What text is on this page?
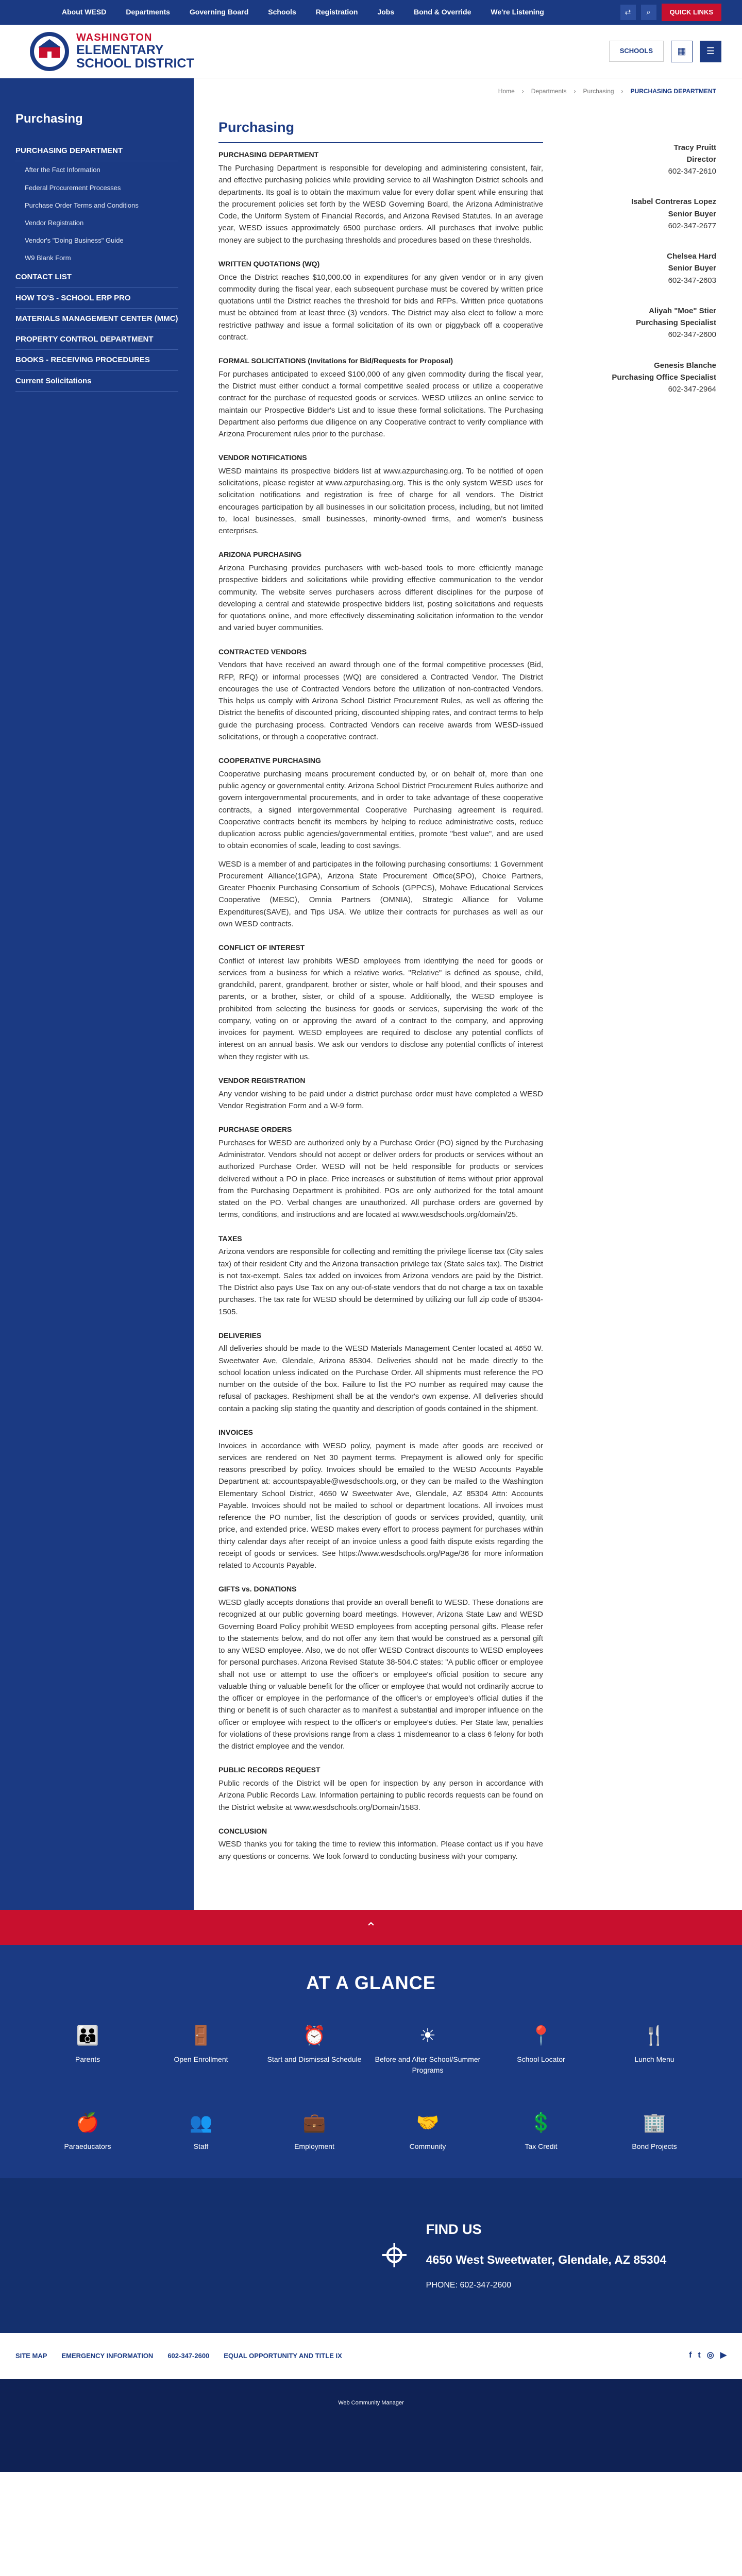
About WESD	Departments	Governing Board	Schools	Registration	Jobs	Bond & Override	We're Listening	⇄	⌕	QUICK LINKS
WASHINGTON
ELEMENTARY
SCHOOL DISTRICT
SCHOOLS	▦	☰
Purchasing
PURCHASING DEPARTMENT
After the Fact Information
Federal Procurement Processes
Purchase Order Terms and Conditions
Vendor Registration
Vendor's "Doing Business" Guide
W9 Blank Form
CONTACT LIST
HOW TO'S - SCHOOL ERP PRO
MATERIALS MANAGEMENT CENTER (MMC)
PROPERTY CONTROL DEPARTMENT
BOOKS - RECEIVING PROCEDURES
Current Solicitations
Home › Departments › Purchasing › PURCHASING DEPARTMENT
Purchasing
PURCHASING DEPARTMENT

The Purchasing Department is responsible for developing and administering consistent, fair, and effective purchasing policies while providing service to all Washington District schools and departments. Its goal is to obtain the maximum value for every dollar spent while ensuring that the procurement policies set forth by the WESD Governing Board, the Arizona Administrative Code, the Uniform System of Financial Records, and Arizona Revised Statutes. In an average year, WESD issues approximately 6500 purchase orders. All purchases that involve public money are subject to the purchasing thresholds and procedures based on these thresholds.

WRITTEN QUOTATIONS (WQ)

Once the District reaches $10,000.00 in expenditures for any given vendor or in any given commodity during the fiscal year, each subsequent purchase must be covered by written price quotations until the District reaches the threshold for bids and RFPs. Written price quotations must be obtained from at least three (3) vendors. The District may also elect to follow a more restrictive pathway and issue a formal solicitation of its own or piggyback off a cooperative contract.

FORMAL SOLICITATIONS (Invitations for Bid/Requests for Proposal)

For purchases anticipated to exceed $100,000 of any given commodity during the fiscal year, the District must either conduct a formal competitive sealed process or utilize a cooperative contract for the purchase of requested goods or services. WESD utilizes an online service to maintain our Prospective Bidder's List and to issue these formal solicitations. The Purchasing Department also performs due diligence on any Cooperative contract to verify compliance with Arizona Procurement rules prior to the purchase.

VENDOR NOTIFICATIONS

WESD maintains its prospective bidders list at www.azpurchasing.org. To be notified of open solicitations, please register at www.azpurchasing.org. This is the only system WESD uses for solicitation notifications and registration is free of charge for all vendors. The District encourages participation by all businesses in our solicitation process, including, but not limited to, local businesses, small businesses, minority-owned firms, and women's business enterprises.

ARIZONA PURCHASING

Arizona Purchasing provides purchasers with web-based tools to more efficiently manage prospective bidders and solicitations while providing effective communication to the vendor community. The website serves purchasers across different disciplines for the purpose of developing a central and statewide prospective bidders list, posting solicitations and requests for quotations online, and more effectively disseminating solicitation information to the vendor and varied buyer communities.

CONTRACTED VENDORS

Vendors that have received an award through one of the formal competitive processes (Bid, RFP, RFQ) or informal processes (WQ) are considered a Contracted Vendor. The District encourages the use of Contracted Vendors before the utilization of non-contracted Vendors. This helps us comply with Arizona School District Procurement Rules, as well as offering the District the benefits of discounted pricing, discounted shipping rates, and contract terms to help guide the purchasing process. Contracted Vendors can receive awards from WESD-issued solicitations, or through a cooperative contract.

COOPERATIVE PURCHASING

Cooperative purchasing means procurement conducted by, or on behalf of, more than one public agency or governmental entity. Arizona School District Procurement Rules authorize and govern intergovernmental procurements, and in order to take advantage of these cooperative contracts, a signed intergovernmental Cooperative Purchasing agreement is required. Cooperative contracts benefit its members by helping to reduce administrative costs, reduce duplication across public agencies/governmental entities, promote "best value", and are used to obtain economies of scale, leading to cost savings.

WESD is a member of and participates in the following purchasing consortiums: 1 Government Procurement Alliance(1GPA), Arizona State Procurement Office(SPO), Choice Partners, Greater Phoenix Purchasing Consortium of Schools (GPPCS), Mohave Educational Services Cooperative (MESC), Omnia Partners (OMNIA), Strategic Alliance for Volume Expenditures(SAVE), and Tips USA. We utilize their contracts for purchases as well as our own WESD contracts.

CONFLICT OF INTEREST

Conflict of interest law prohibits WESD employees from identifying the need for goods or services from a business for which a relative works. "Relative" is defined as spouse, child, grandchild, parent, grandparent, brother or sister, whole or half blood, and their spouses and parents, or a brother, sister, or child of a spouse. Additionally, the WESD employee is prohibited from selecting the business for goods or services, supervising the work of the company, voting on or approving the award of a contract to the company, and approving invoices for payment. WESD employees are required to disclose any potential conflicts of interest on an annual basis. We ask our vendors to disclose any potential conflicts of interest when they register with us.

VENDOR REGISTRATION

Any vendor wishing to be paid under a district purchase order must have completed a WESD Vendor Registration Form and a W-9 form.

PURCHASE ORDERS

Purchases for WESD are authorized only by a Purchase Order (PO) signed by the Purchasing Administrator. Vendors should not accept or deliver orders for products or services without an authorized Purchase Order. WESD will not be held responsible for products or services delivered without a PO in place. Price increases or substitution of items without prior approval from the Purchasing Department is prohibited. POs are only authorized for the total amount stated on the PO. Verbal changes are unauthorized. All purchase orders are governed by terms, conditions, and instructions and are located at www.wesdschools.org/domain/25.

TAXES

Arizona vendors are responsible for collecting and remitting the privilege license tax (City sales tax) of their resident City and the Arizona transaction privilege tax (State sales tax). The District is not tax-exempt. Sales tax added on invoices from Arizona vendors are paid by the District. The District also pays Use Tax on any out-of-state vendors that do not charge a tax on taxable purchases. The tax rate for WESD should be determined by utilizing our full zip code of 85304-1505.

DELIVERIES

All deliveries should be made to the WESD Materials Management Center located at 4650 W. Sweetwater Ave, Glendale, Arizona 85304. Deliveries should not be made directly to the school location unless indicated on the Purchase Order. All shipments must reference the PO number on the outside of the box. Failure to list the PO number as required may cause the refusal of packages. Reshipment shall be at the vendor's own expense. All deliveries should contain a packing slip stating the quantity and description of goods contained in the shipment.

INVOICES

Invoices in accordance with WESD policy, payment is made after goods are received or services are rendered on Net 30 payment terms. Prepayment is allowed only for specific reasons prescribed by policy. Invoices should be emailed to the WESD Accounts Payable Department at: accountspayable@wesdschools.org, or they can be mailed to the Washington Elementary School District, 4650 W Sweetwater Ave, Glendale, AZ 85304 Attn: Accounts Payable. Invoices should not be mailed to school or department locations. All invoices must reference the PO number, list the description of goods or services provided, quantity, unit price, and extended price. WESD makes every effort to process payment for purchases within thirty calendar days after receipt of an invoice unless a good faith dispute exists regarding the receipt of goods or services. See https://www.wesdschools.org/Page/36 for more information related to Accounts Payable.

GIFTS vs. DONATIONS

WESD gladly accepts donations that provide an overall benefit to WESD. These donations are recognized at our public governing board meetings. However, Arizona State Law and WESD Governing Board Policy prohibit WESD employees from accepting personal gifts. Please refer to the statements below, and do not offer any item that would be construed as a personal gift to any WESD employee. Also, we do not offer WESD Contract discounts to WESD employees for personal purchases. Arizona Revised Statute 38-504.C states: "A public officer or employee shall not use or attempt to use the officer's or employee's official position to secure any valuable thing or valuable benefit for the officer or employee that would not ordinarily accrue to the officer or employee in the performance of the officer's or employee's official duties if the thing or benefit is of such character as to manifest a substantial and improper influence on the officer or employee with respect to the officer's or employee's duties. Per State law, penalties for violations of these provisions range from a class 1 misdemeanor to a class 6 felony for both the district employee and the vendor.

PUBLIC RECORDS REQUEST

Public records of the District will be open for inspection by any person in accordance with Arizona Public Records Law. Information pertaining to public records requests can be found on the District website at www.wesdschools.org/Domain/1583.

CONCLUSION

WESD thanks you for taking the time to review this information. Please contact us if you have any questions or concerns. We look forward to conducting business with your company.

Tracy Pruitt
Director
602-347-2610
Isabel Contreras Lopez
Senior Buyer
602-347-2677
Chelsea Hard
Senior Buyer
602-347-2603
Aliyah "Moe" Stier
Purchasing Specialist
602-347-2600
Genesis Blanche
Purchasing Office Specialist
602-347-2964
⌃
AT A GLANCE
👪
Parents
🚪
Open Enrollment
⏰
Start and Dismissal Schedule
☀
Before and After School/Summer Programs
📍
School Locator
🍴
Lunch Menu
🍎
Paraeducators
👥
Staff
💼
Employment
🤝
Community
💲
Tax Credit
🏢
Bond Projects
⌖
FIND US
4650 West Sweetwater, Glendale, AZ 85304
PHONE: 602-347-2600
SITE MAP EMERGENCY INFORMATION 602-347-2600 EQUAL OPPORTUNITY AND TITLE IX	f t ◎ ▶
Web Community Manager
